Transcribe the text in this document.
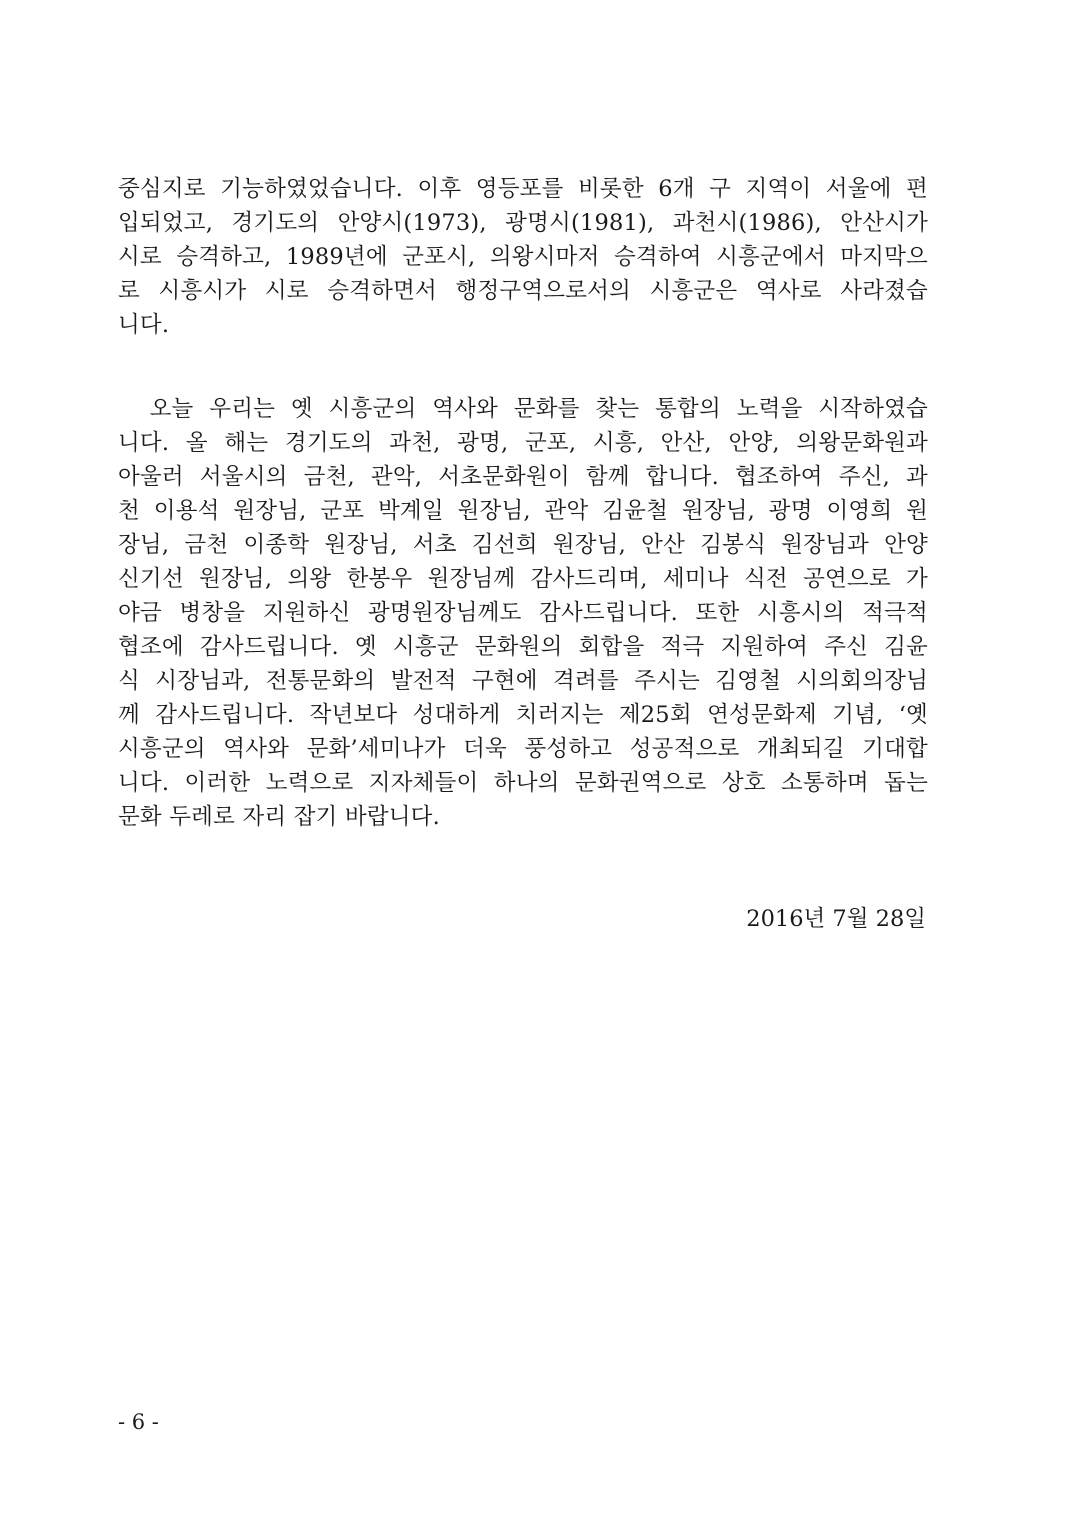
중심지로 기능하였었습니다. 이후 영등포를 비롯한 6개 구 지역이 서울에 편
입되었고, 경기도의 안양시(1973), 광명시(1981), 과천시(1986), 안산시가
시로 승격하고, 1989년에 군포시, 의왕시마저 승격하여 시흥군에서 마지막으
로 시흥시가 시로 승격하면서 행정구역으로서의 시흥군은 역사로 사라졌습
니다.
오늘 우리는 옛 시흥군의 역사와 문화를 찾는 통합의 노력을 시작하였습
니다. 올 해는 경기도의 과천, 광명, 군포, 시흥, 안산, 안양, 의왕문화원과
아울러 서울시의 금천, 관악, 서초문화원이 함께 합니다. 협조하여 주신, 과
천 이용석 원장님, 군포 박계일 원장님, 관악 김윤철 원장님, 광명 이영희 원
장님, 금천 이종학 원장님, 서초 김선희 원장님, 안산 김봉식 원장님과 안양
신기선 원장님, 의왕 한봉우 원장님께 감사드리며, 세미나 식전 공연으로 가
야금 병창을 지원하신 광명원장님께도 감사드립니다. 또한 시흥시의 적극적
협조에 감사드립니다. 옛 시흥군 문화원의 회합을 적극 지원하여 주신 김윤
식 시장님과, 전통문화의 발전적 구현에 격려를 주시는 김영철 시의회의장님
께 감사드립니다. 작년보다 성대하게 치러지는 제25회 연성문화제 기념, ‘옛
시흥군의 역사와 문화’세미나가 더욱 풍성하고 성공적으로 개최되길 기대합
니다. 이러한 노력으로 지자체들이 하나의 문화권역으로 상호 소통하며 돕는
문화 두레로 자리 잡기 바랍니다.
2016년 7월 28일
- 6 -
